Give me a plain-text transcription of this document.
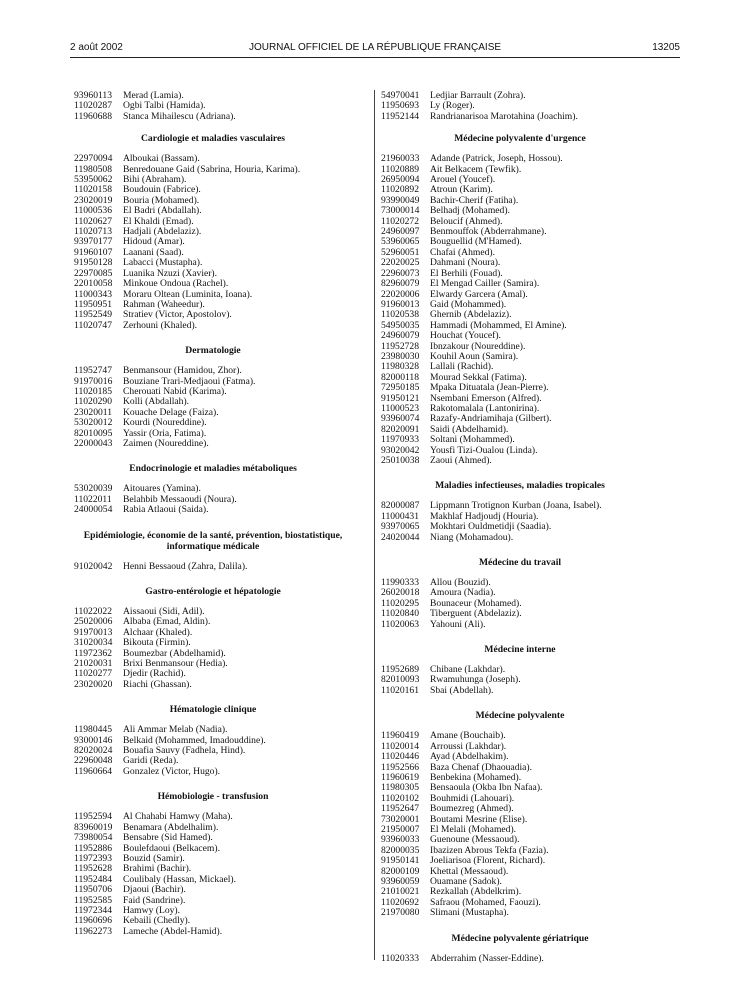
2 août 2002	JOURNAL OFFICIEL DE LA RÉPUBLIQUE FRANÇAISE	13205
93960113	Merad (Lamia).
11020287	Ogbi Talbi (Hamida).
11960688	Stanca Mihailescu (Adriana).
Cardiologie et maladies vasculaires
22970094	Alboukai (Bassam).
11980508	Benredouane Gaid (Sabrina, Houria, Karima).
53950062	Bihi (Abraham).
11020158	Boudouin (Fabrice).
23020019	Bouria (Mohamed).
11000536	El Badri (Abdallah).
11020627	El Khaldi (Emad).
11020713	Hadjali (Abdelaziz).
93970177	Hidoud (Amar).
91960107	Laanani (Saad).
91950128	Labacci (Mustapha).
22970085	Luanika Nzuzi (Xavier).
22010058	Minkoue Ondoua (Rachel).
11000343	Moraru Oltean (Luminita, Ioana).
11950951	Rahman (Waheedur).
11952549	Stratiev (Victor, Apostolov).
11020747	Zerhouni (Khaled).
Dermatologie
11952747	Benmansour (Hamidou, Zhor).
91970016	Bouziane Trari-Medjaoui (Fatma).
11020185	Cherouati Nabid (Karima).
11020290	Kolli (Abdallah).
23020011	Kouache Delage (Faiza).
53020012	Kourdi (Noureddine).
82010095	Yassir (Oria, Fatima).
22000043	Zaimen (Noureddine).
Endocrinologie et maladies métaboliques
53020039	Aitouares (Yamina).
11022011	Belahbib Messaoudi (Noura).
24000054	Rabia Atlaoui (Saida).
Epidémiologie, économie de la santé, prévention, biostatistique, informatique médicale
91020042	Henni Bessaoud (Zahra, Dalila).
Gastro-entérologie et hépatologie
11022022	Aissaoui (Sidi, Adil).
25020006	Albaba (Emad, Aldin).
91970013	Alchaar (Khaled).
31020034	Bikouta (Firmin).
11972362	Boumezbar (Abdelhamid).
21020031	Brixi Benmansour (Hedia).
11020277	Djedir (Rachid).
23020020	Riachi (Ghassan).
Hématologie clinique
11980445	Ali Ammar Melab (Nadia).
93000146	Belkaid (Mohammed, Imadouddine).
82020024	Bouafia Sauvy (Fadhela, Hind).
22960048	Garidi (Reda).
11960664	Gonzalez (Victor, Hugo).
Hémobiologie - transfusion
11952594	Al Chahabi Hamwy (Maha).
83960019	Benamara (Abdelhalim).
73980054	Bensabre (Sid Hamed).
11952886	Boulefdaoui (Belkacem).
11972393	Bouzid (Samir).
11952628	Brahimi (Bachir).
11952484	Coulibaly (Hassan, Mickael).
11950706	Djaoui (Bachir).
11952585	Faid (Sandrine).
11972344	Hamwy (Loy).
11960696	Kebaili (Chedly).
11962273	Lameche (Abdel-Hamid).
54970041	Ledjiar Barrault (Zohra).
11950693	Ly (Roger).
11952144	Randrianarisoa Marotahina (Joachim).
Médecine polyvalente d'urgence
21960033	Adande (Patrick, Joseph, Hossou).
11020889	Ait Belkacem (Tewfik).
26950094	Arouel (Youcef).
11020892	Atroun (Karim).
93990049	Bachir-Cherif (Fatiha).
73000014	Belhadj (Mohamed).
11020272	Beloucif (Ahmed).
24960097	Benmouffok (Abderrahmane).
53960065	Bouguellid (M'Hamed).
52960051	Chafai (Ahmed).
22020025	Dahmani (Noura).
22960073	El Berhili (Fouad).
82960079	El Mengad Cailler (Samira).
22020006	Elwardy Garcera (Amal).
91960013	Gaid (Mohammed).
11020538	Ghernib (Abdelaziz).
54950035	Hammadi (Mohammed, El Amine).
24960079	Houchat (Youcef).
11952728	Ibnzakour (Noureddine).
23980030	Kouhil Aoun (Samira).
11980328	Lallali (Rachid).
82000118	Mourad Sekkal (Fatima).
72950185	Mpaka Dituatala (Jean-Pierre).
91950121	Nsembani Emerson (Alfred).
11000523	Rakotomalala (Lantonirina).
93960074	Razafy-Andriamihaja (Gilbert).
82020091	Saidi (Abdelhamid).
11970933	Soltani (Mohammed).
93020042	Yousfi Tizi-Oualou (Linda).
25010038	Zaoui (Ahmed).
Maladies infectieuses, maladies tropicales
82000087	Lippmann Trotignon Kurban (Joana, Isabel).
11000431	Makhlaf Hadjoudj (Houria).
93970065	Mokhtari Ouldmetidji (Saadia).
24020044	Niang (Mohamadou).
Médecine du travail
11990333	Allou (Bouzid).
26020018	Amoura (Nadia).
11020295	Bounaceur (Mohamed).
11020840	Tiberguent (Abdelaziz).
11020063	Yahouni (Ali).
Médecine interne
11952689	Chibane (Lakhdar).
82010093	Rwamuhunga (Joseph).
11020161	Sbai (Abdellah).
Médecine polyvalente
11960419	Amane (Bouchaib).
11020014	Arroussi (Lakhdar).
11020446	Ayad (Abdelhakim).
11952566	Baza Chenaf (Dhaouadia).
11960619	Benbekina (Mohamed).
11980305	Bensaoula (Okba Ibn Nafaa).
11020102	Bouhmidi (Lahouari).
11952647	Boumezreg (Ahmed).
73020001	Boutami Mesrine (Elise).
21950007	El Melali (Mohamed).
93960033	Guenoune (Messaoud).
82000035	Ibazizen Abrous Tekfa (Fazia).
91950141	Joeliarisoa (Florent, Richard).
82000109	Khettal (Messaoud).
93960059	Ouamane (Sadok).
21010021	Rezkallah (Abdelkrim).
11020692	Safraou (Mohamed, Faouzi).
21970080	Slimani (Mustapha).
Médecine polyvalente gériatrique
11020333	Abderrahim (Nasser-Eddine).
